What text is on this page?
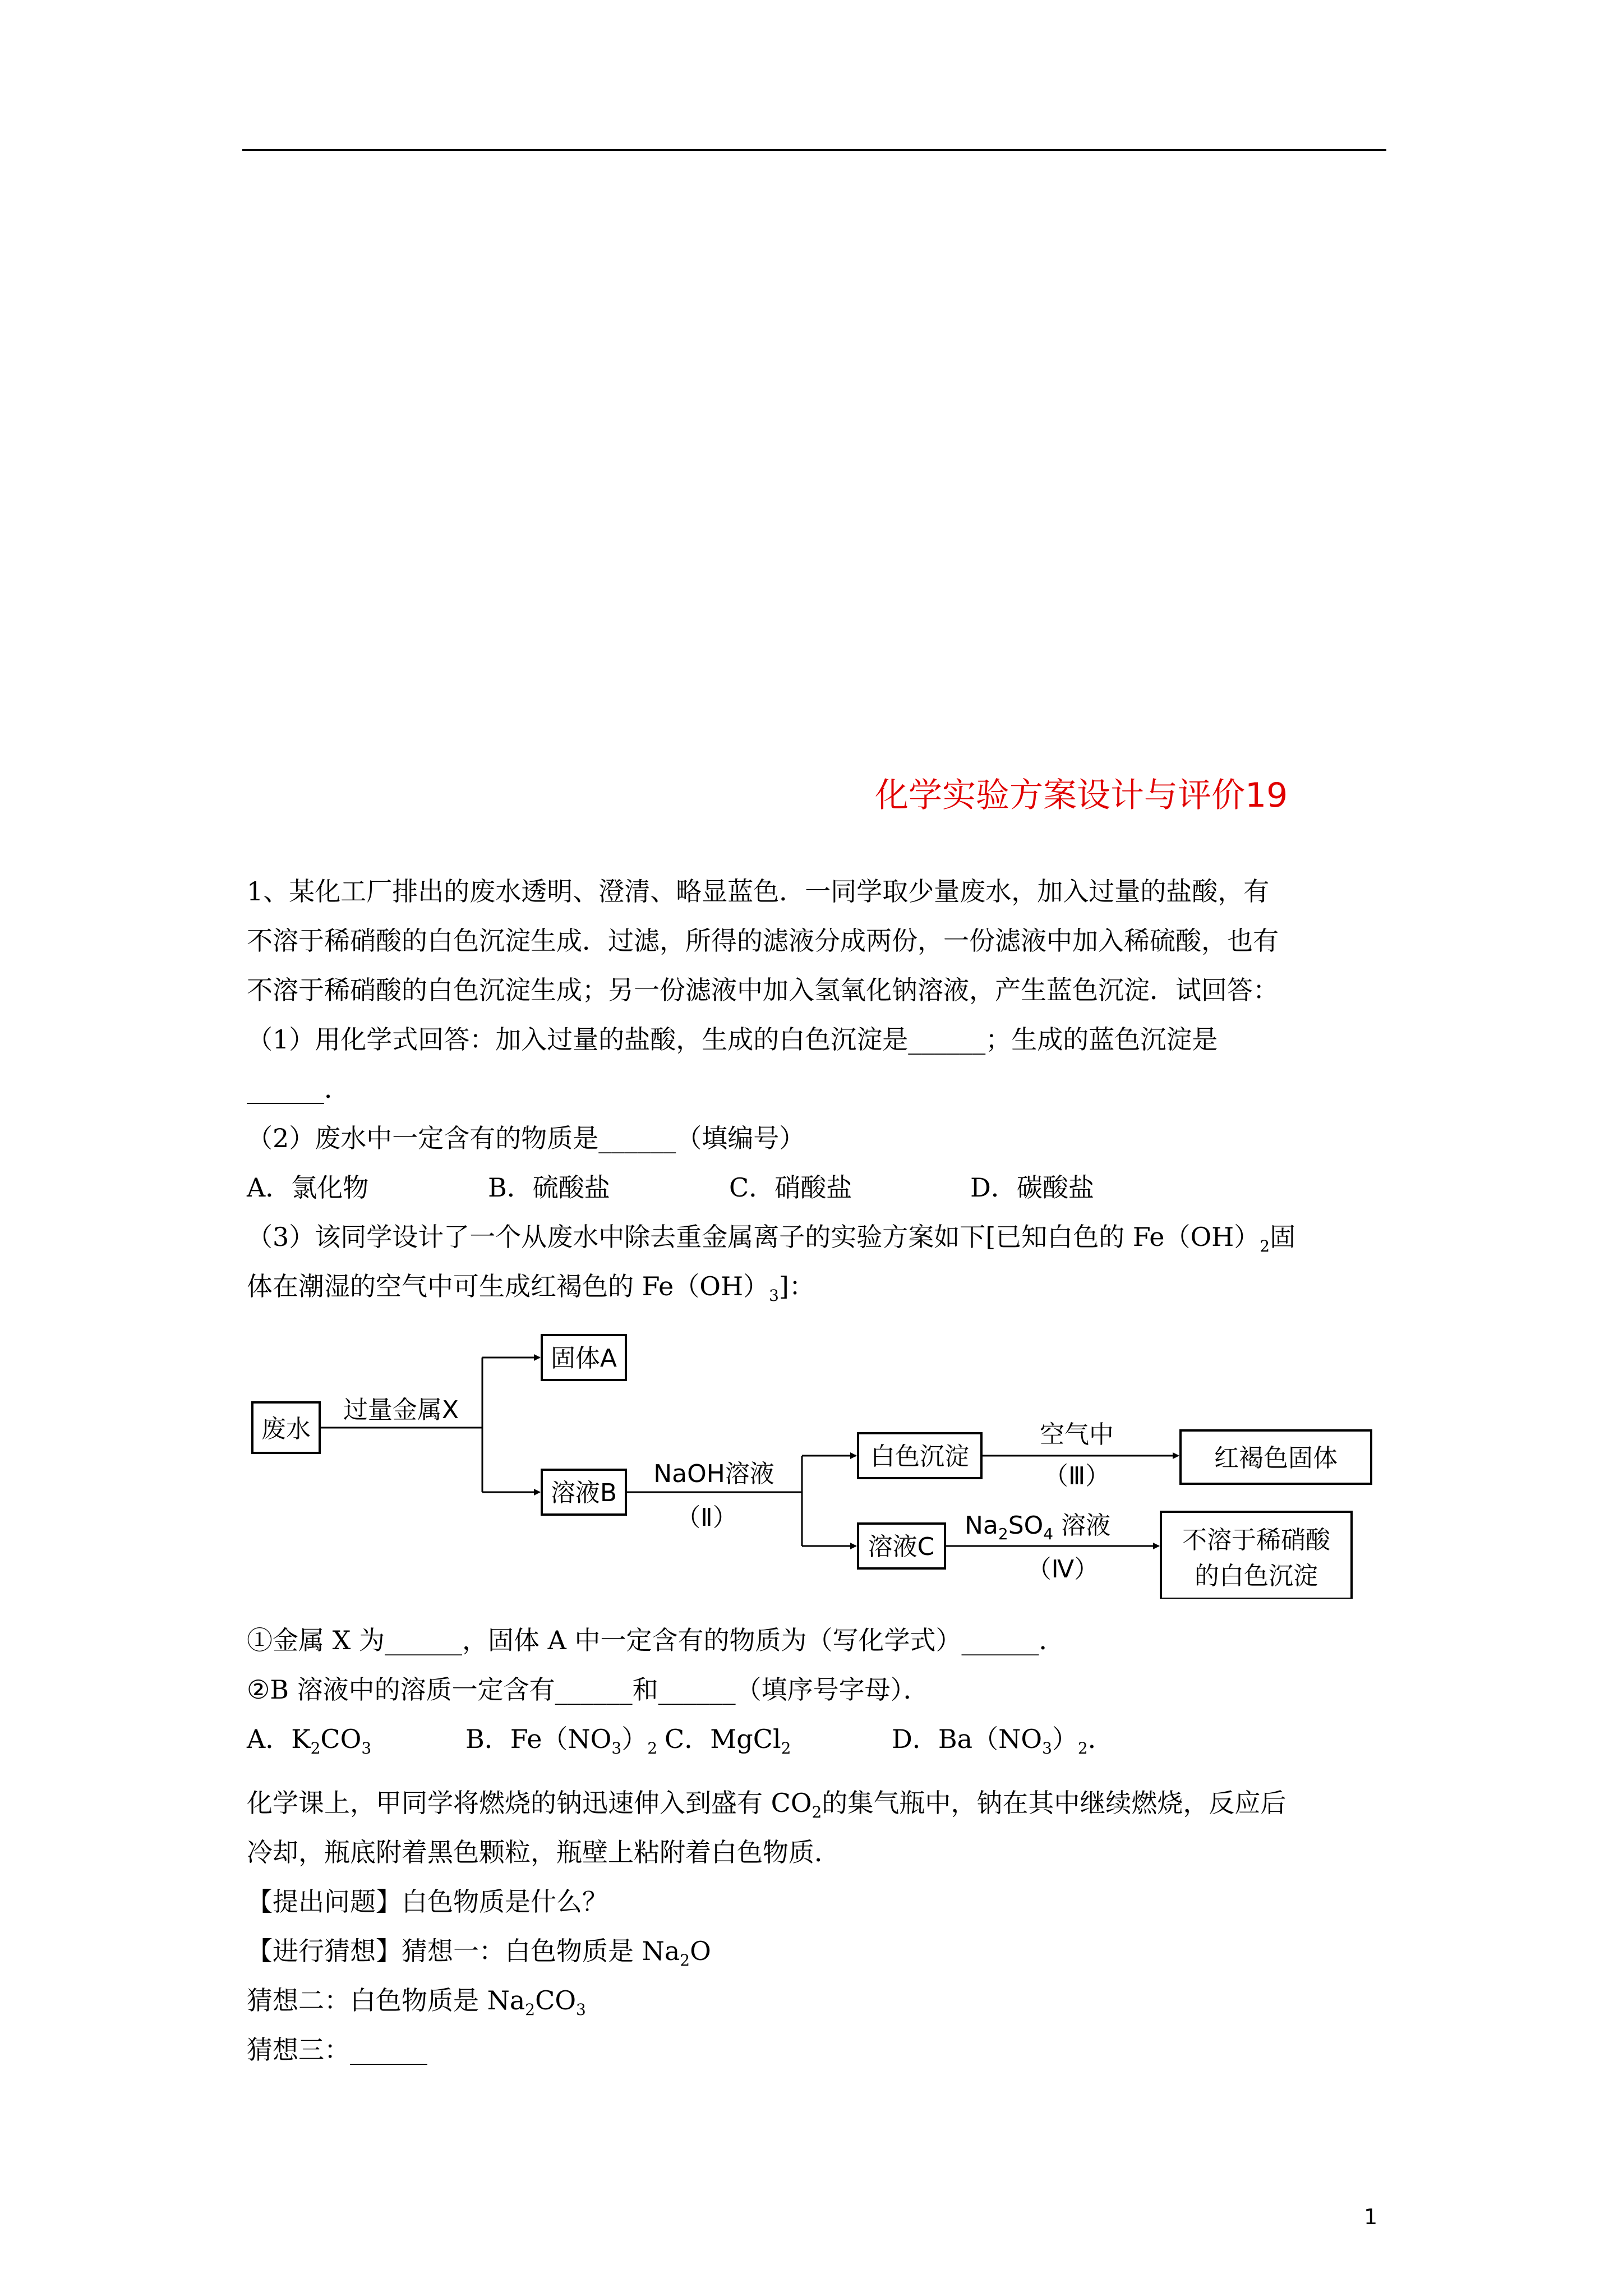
化学实验方案设计与评价19
1、某化工厂排出的废水透明、澄清、略显蓝色．一同学取少量废水，加入过量的盐酸，有
不溶于稀硝酸的白色沉淀生成．过滤，所得的滤液分成两份，一份滤液中加入稀硫酸，也有
不溶于稀硝酸的白色沉淀生成；另一份滤液中加入氢氧化钠溶液，产生蓝色沉淀．试回答：
（1）用化学式回答：加入过量的盐酸，生成的白色沉淀是______；生成的蓝色沉淀是
______．
（2）废水中一定含有的物质是______（填编号）
A．氯化物	B．硫酸盐	C．硝酸盐	D．碳酸盐
（3）该同学设计了一个从废水中除去重金属离子的实验方案如下[已知白色的 $Fe(OH)_2$固
体在潮湿的空气中可生成红褐色的 $Fe(OH)_3$]：
废水
过量金属X
固体A
溶液B
NaOH溶液
（Ⅱ）
白色沉淀
空气中
（Ⅲ）
红褐色固体
溶液C
$Na_2SO_4$ 溶液
（Ⅳ）
不溶于稀硝酸
的白色沉淀
①金属 X 为______，固体 A 中一定含有的物质为（写化学式）______．
②B 溶液中的溶质一定含有______和______（填序号字母）．
A．$K_2CO_3$	B．$Fe(NO_3)_2$ C．MgCl$_2$	D．$Ba(NO_3)_2$．
化学课上，甲同学将燃烧的钠迅速伸入到盛有 $CO_2$的集气瓶中，钠在其中继续燃烧，反应后
冷却，瓶底附着黑色颗粒，瓶壁上粘附着白色物质．
【提出问题】白色物质是什么？
【进行猜想】猜想一：白色物质是 $Na_2O$
猜想二：白色物质是 $Na_2CO_3$
猜想三：______
1
